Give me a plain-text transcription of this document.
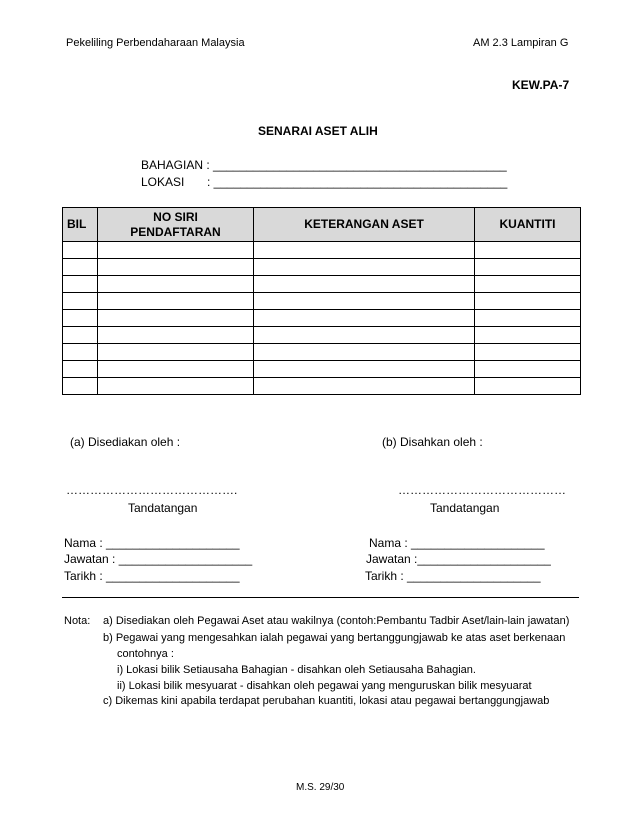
Pekeliling Perbendaharaan Malaysia	AM 2.3 Lampiran G
KEW.PA-7
SENARAI ASET ALIH
BAHAGIAN : ____________________________________________
LOKASI : ____________________________________________
BIL	NO SIRI PENDAFTARAN	KETERANGAN ASET	KUANTITI

(a) Disediakan oleh :	(b) Disahkan oleh :
…………………………………….	……………………………………
Tandatangan	Tandatangan
Nama : ____________________
Jawatan : ____________________
Tarikh : ____________________
Nama : ____________________
Jawatan :____________________
Tarikh : ____________________
Nota: a) Disediakan oleh Pegawai Aset atau wakilnya (contoh:Pembantu Tadbir Aset/lain-lain jawatan)
b) Pegawai yang mengesahkan ialah pegawai yang bertanggungjawab ke atas aset berkenaan
contohnya :
i) Lokasi bilik Setiausaha Bahagian - disahkan oleh Setiausaha Bahagian.
ii) Lokasi bilik mesyuarat - disahkan oleh pegawai yang menguruskan bilik mesyuarat
c) Dikemas kini apabila terdapat perubahan kuantiti, lokasi atau pegawai bertanggungjawab
M.S. 29/30
